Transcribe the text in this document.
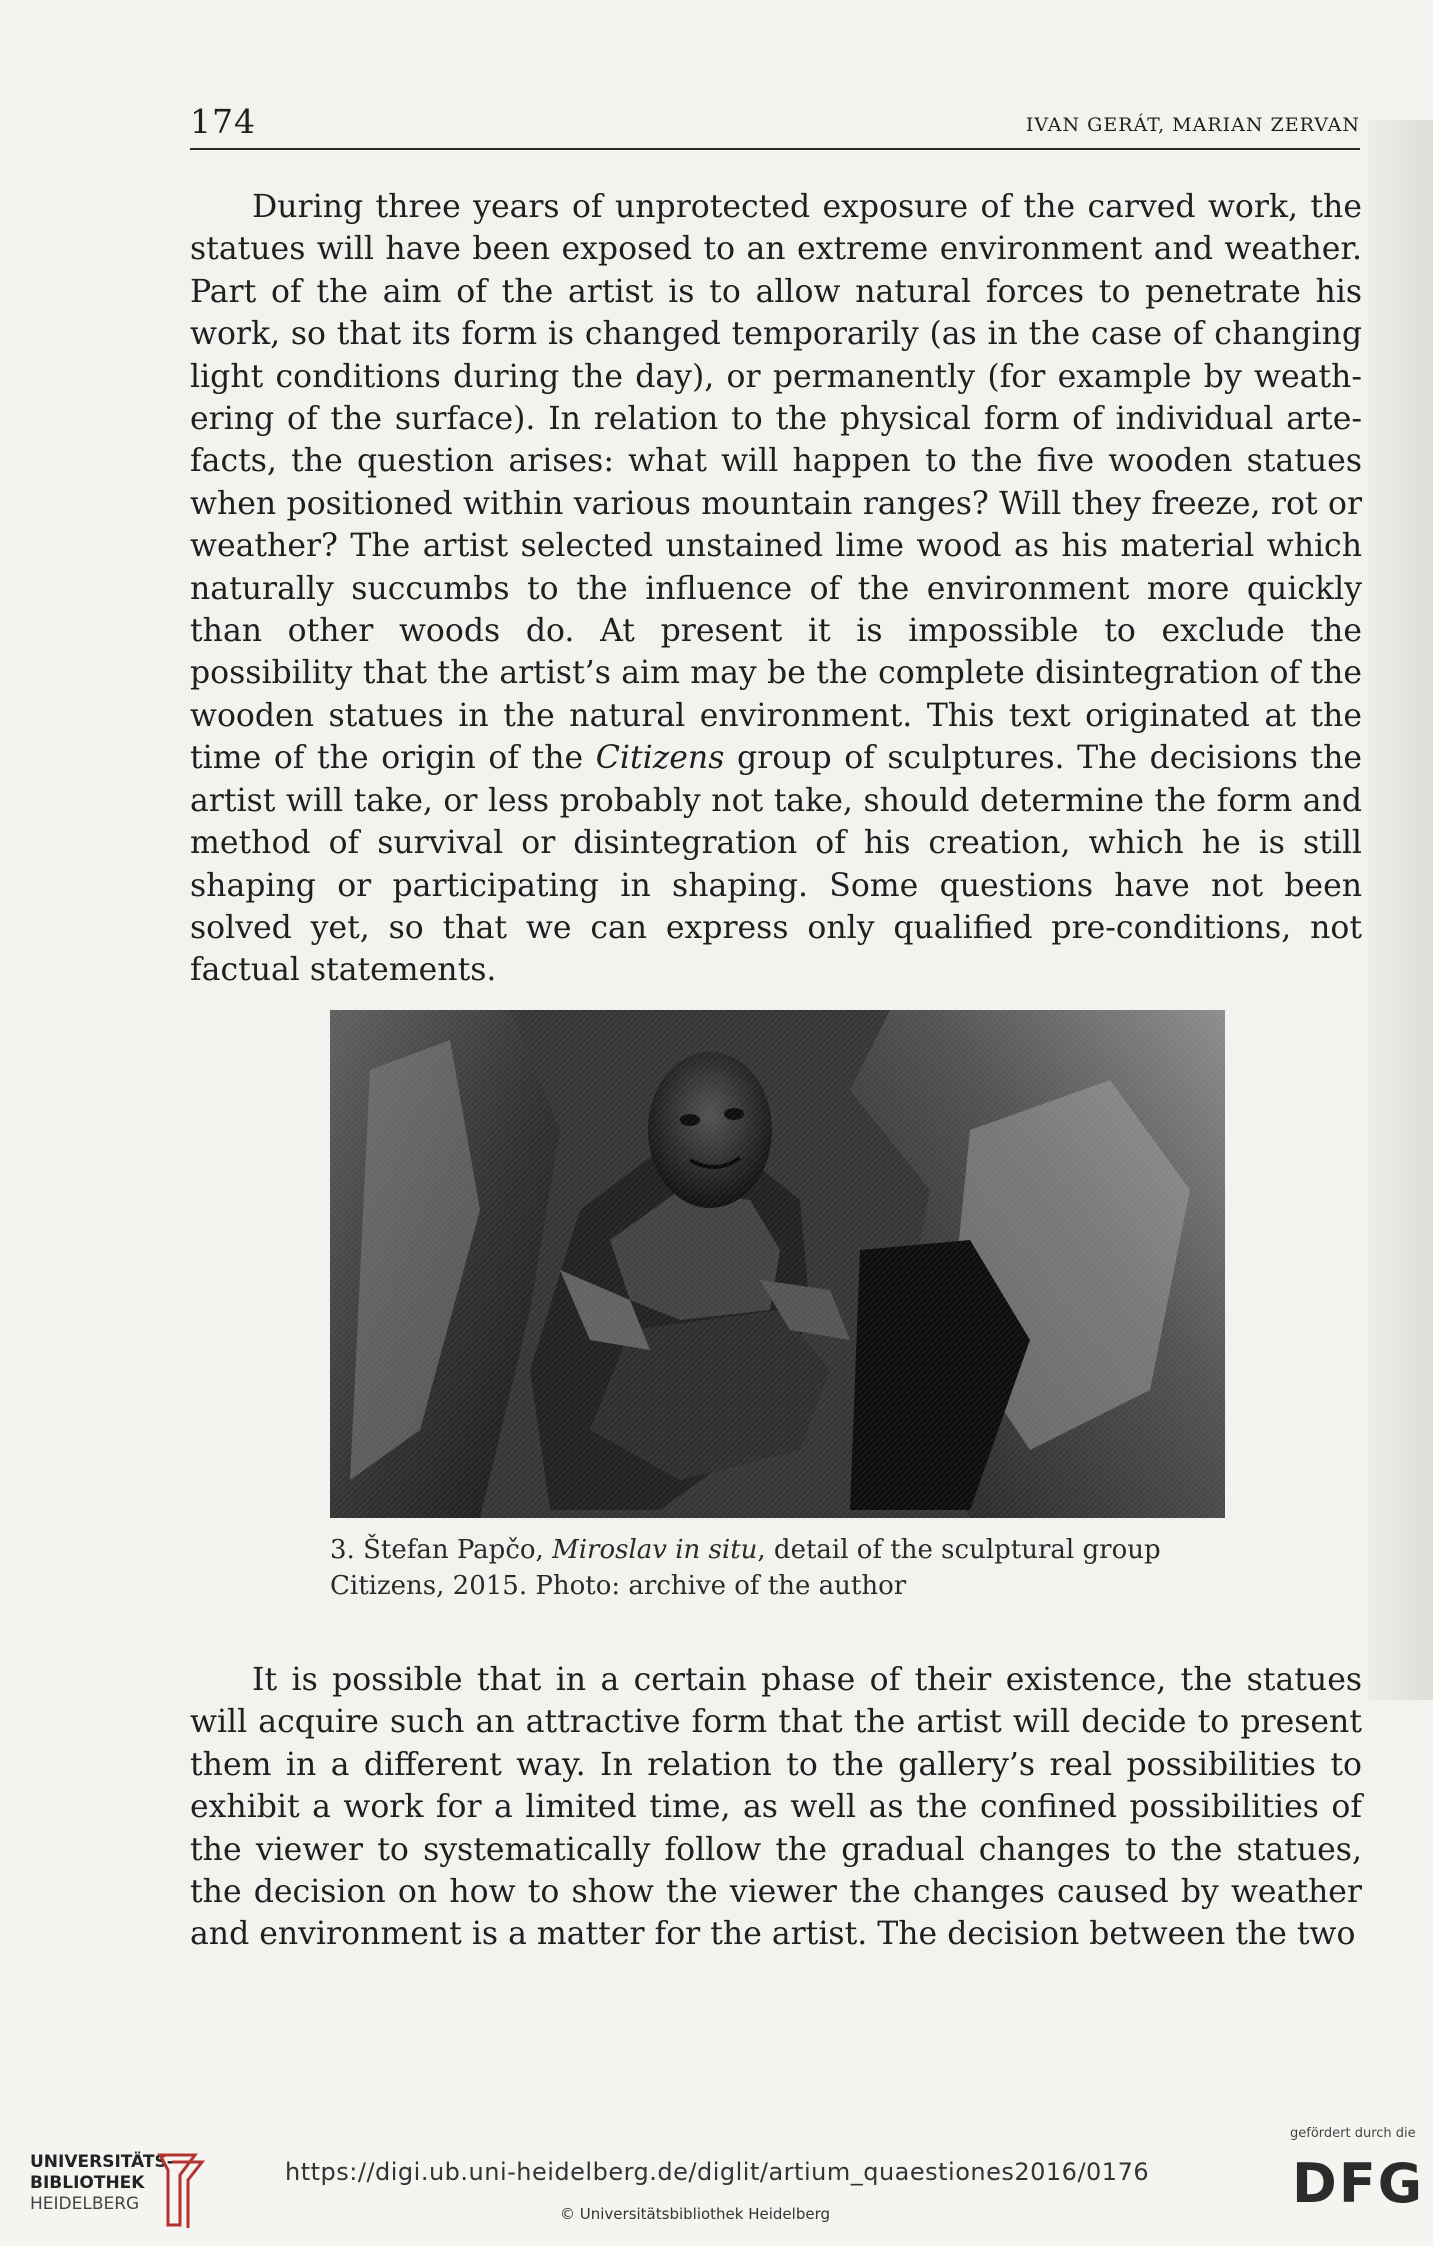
174	IVAN GERÁT, MARIAN ZERVAN

During three years of unprotected exposure of the carved work, the statues will have been exposed to an extreme environment and weather. Part of the aim of the artist is to allow natural forces to penetrate his work, so that its form is changed temporarily (as in the case of changing light conditions during the day), or permanently (for example by weathering of the surface). In relation to the physical form of individual artefacts, the question arises: what will happen to the five wooden statues when positioned within various mountain ranges? Will they freeze, rot or weather? The artist selected unstained lime wood as his material which naturally succumbs to the influence of the environment more quickly than other woods do. At present it is impossible to exclude the possibility that the artist’s aim may be the complete disintegration of the wooden statues in the natural environment. This text originated at the time of the origin of the Citizens group of sculptures. The decisions the artist will take, or less probably not take, should determine the form and method of survival or disintegration of his creation, which he is still shaping or participating in shaping. Some questions have not been solved yet, so that we can express only qualified pre-conditions, not factual statements.

3. Štefan Papčo, Miroslav in situ, detail of the sculptural group
Citizens, 2015. Photo: archive of the author

It is possible that in a certain phase of their existence, the statues will acquire such an attractive form that the artist will decide to present them in a different way. In relation to the gallery’s real possibilities to exhibit a work for a limited time, as well as the confined possibilities of the viewer to systematically follow the gradual changes to the statues, the decision on how to show the viewer the changes caused by weather and environment is a matter for the artist. The decision between the two

UNIVERSITÄTS-
BIBLIOTHEK
HEIDELBERG
https://digi.ub.uni-heidelberg.de/diglit/artium_quaestiones2016/0176
© Universitätsbibliothek Heidelberg
gefördert durch die
DFG
